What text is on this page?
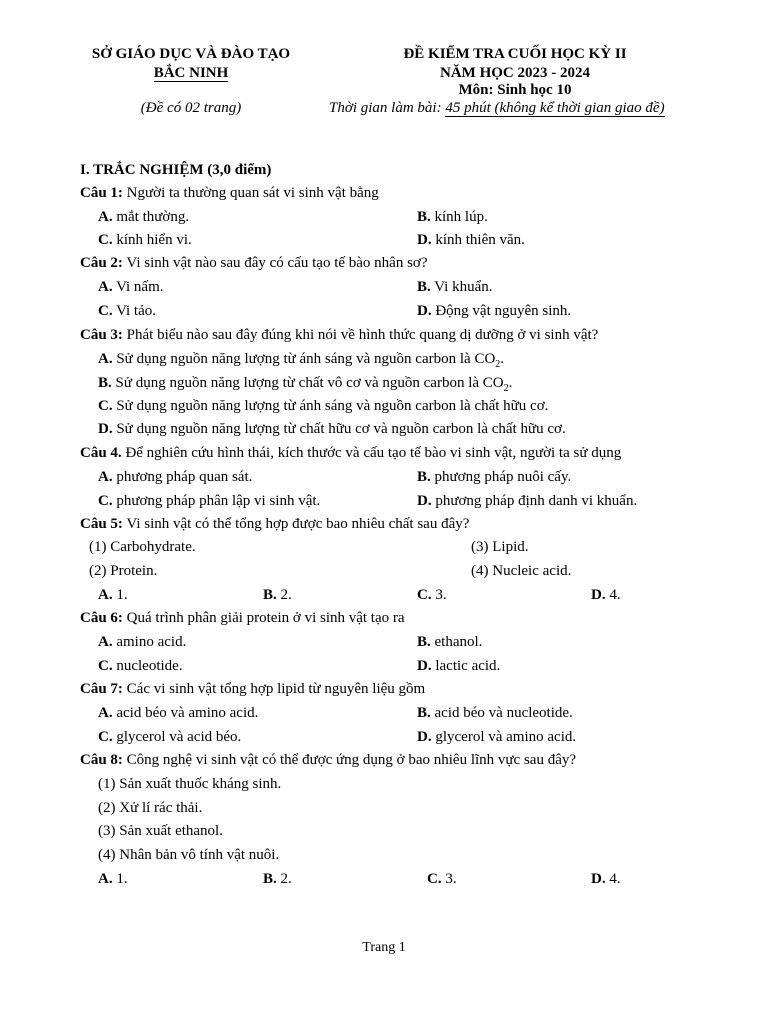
SỞ GIÁO DỤC VÀ ĐÀO TẠO
BẮC NINH
(Đề có 02 trang)
ĐỀ KIỂM TRA CUỐI HỌC KỲ II
NĂM HỌC 2023 - 2024
Môn: Sinh học 10
Thời gian làm bài: 45 phút (không kể thời gian giao đề)
I. TRẮC NGHIỆM (3,0 điểm)
Câu 1: Người ta thường quan sát vi sinh vật bằng
A. mắt thường.	B. kính lúp.
C. kính hiển vi.	D. kính thiên văn.
Câu 2: Vi sinh vật nào sau đây có cấu tạo tế bào nhân sơ?
A. Vi nấm.	B. Vi khuẩn.
C. Vi tảo.	D. Động vật nguyên sinh.
Câu 3: Phát biểu nào sau đây đúng khi nói về hình thức quang dị dưỡng ở vi sinh vật?
A. Sử dụng nguồn năng lượng từ ánh sáng và nguồn carbon là $CO_2$.
B. Sử dụng nguồn năng lượng từ chất vô cơ và nguồn carbon là $CO_2$.
C. Sử dụng nguồn năng lượng từ ánh sáng và nguồn carbon là chất hữu cơ.
D. Sử dụng nguồn năng lượng từ chất hữu cơ và nguồn carbon là chất hữu cơ.
Câu 4. Để nghiên cứu hình thái, kích thước và cấu tạo tế bào vi sinh vật, người ta sử dụng
A. phương pháp quan sát.	B. phương pháp nuôi cấy.
C. phương pháp phân lập vi sinh vật.	D. phương pháp định danh vi khuẩn.
Câu 5: Vi sinh vật có thể tổng hợp được bao nhiêu chất sau đây?
(1) Carbohydrate.	(3) Lipid.
(2) Protein.	(4) Nucleic acid.
A. 1.	B. 2.	C. 3.	D. 4.
Câu 6: Quá trình phân giải protein ở vi sinh vật tạo ra
A. amino acid.	B. ethanol.
C. nucleotide.	D. lactic acid.
Câu 7: Các vi sinh vật tổng hợp lipid từ nguyên liệu gồm
A. acid béo và amino acid.	B. acid béo và nucleotide.
C. glycerol và acid béo.	D. glycerol và amino acid.
Câu 8: Công nghệ vi sinh vật có thể được ứng dụng ở bao nhiêu lĩnh vực sau đây?
(1) Sản xuất thuốc kháng sinh.
(2) Xử lí rác thải.
(3) Sản xuất ethanol.
(4) Nhân bản vô tính vật nuôi.
A. 1.	B. 2.	C. 3.	D. 4.
Trang 1
